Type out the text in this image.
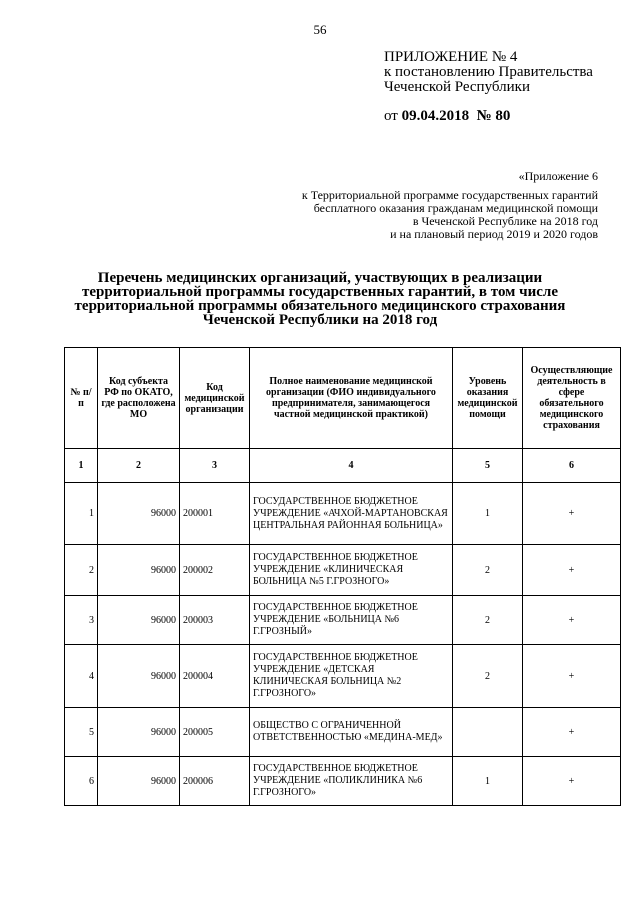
56
ПРИЛОЖЕНИЕ № 4
к постановлению Правительства
Чеченской Республики
от 09.04.2018 № 80
«Приложение 6
к Территориальной программе государственных гарантий
бесплатного оказания гражданам медицинской помощи
в Чеченской Республике на 2018 год
и на плановый период 2019 и 2020 годов
Перечень медицинских организаций, участвующих в реализации территориальной программы государственных гарантий, в том числе территориальной программы обязательного медицинского страхования Чеченской Республики на 2018 год
№ п/п	Код субъекта РФ по ОКАТО, где расположена МО	Код медицинской организации	Полное наименование медицинской организации (ФИО индивидуального предпринимателя, занимающегося частной медицинской практикой)	Уровень оказания медицинской помощи	Осуществляющие деятельность в сфере обязательного медицинского страхования
1	2	3	4	5	6
1	96000	200001	ГОСУДАРСТВЕННОЕ БЮДЖЕТНОЕ УЧРЕЖДЕНИЕ «АЧХОЙ-МАРТАНОВСКАЯ ЦЕНТРАЛЬНАЯ РАЙОННАЯ БОЛЬНИЦА»	1	+
2	96000	200002	ГОСУДАРСТВЕННОЕ БЮДЖЕТНОЕ УЧРЕЖДЕНИЕ «КЛИНИЧЕСКАЯ БОЛЬНИЦА №5 Г.ГРОЗНОГО»	2	+
3	96000	200003	ГОСУДАРСТВЕННОЕ БЮДЖЕТНОЕ УЧРЕЖДЕНИЕ «БОЛЬНИЦА №6 Г.ГРОЗНЫЙ»	2	+
4	96000	200004	ГОСУДАРСТВЕННОЕ БЮДЖЕТНОЕ УЧРЕЖДЕНИЕ «ДЕТСКАЯ КЛИНИЧЕСКАЯ БОЛЬНИЦА №2 Г.ГРОЗНОГО»	2	+
5	96000	200005	ОБЩЕСТВО С ОГРАНИЧЕННОЙ ОТВЕТСТВЕННОСТЬЮ «МЕДИНА-МЕД»		+
6	96000	200006	ГОСУДАРСТВЕННОЕ БЮДЖЕТНОЕ УЧРЕЖДЕНИЕ «ПОЛИКЛИНИКА №6 Г.ГРОЗНОГО»	1	+
